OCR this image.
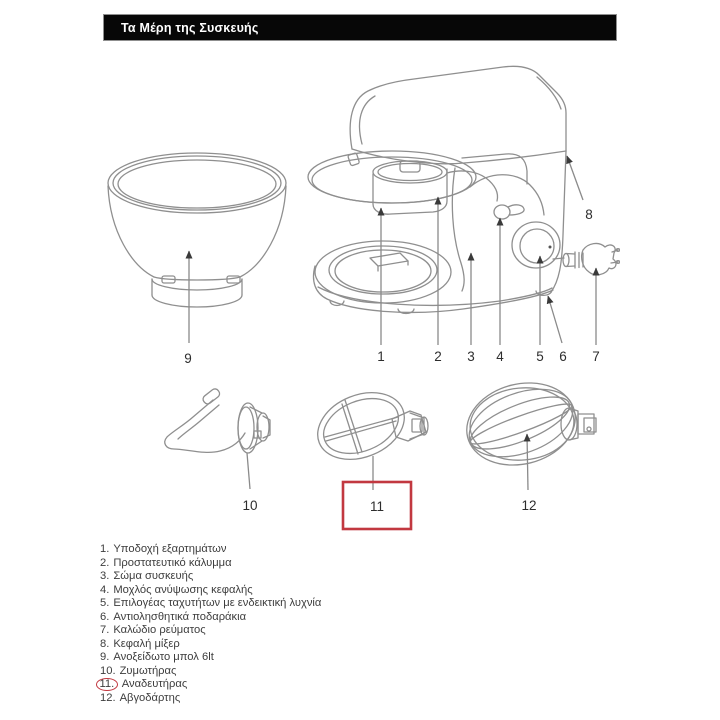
Τα Μέρη της Συσκευής
1	2 3 4 5 6 7
8
9
10	11	12
1. Υποδοχή εξαρτημάτων
2. Προστατευτικό κάλυμμα
3. Σώμα συσκευής
4. Μοχλός ανύψωσης κεφαλής
5. Επιλογέας ταχυτήτων με ενδεικτική λυχνία
6. Αντιολησθητικά ποδαράκια
7. Καλώδιο ρεύματος
8. Κεφαλή μίξερ
9. Ανοξείδωτο μπολ 6lt
10. Ζυμωτήρας
11. Αναδευτήρας
12. Αβγοδάρτης
